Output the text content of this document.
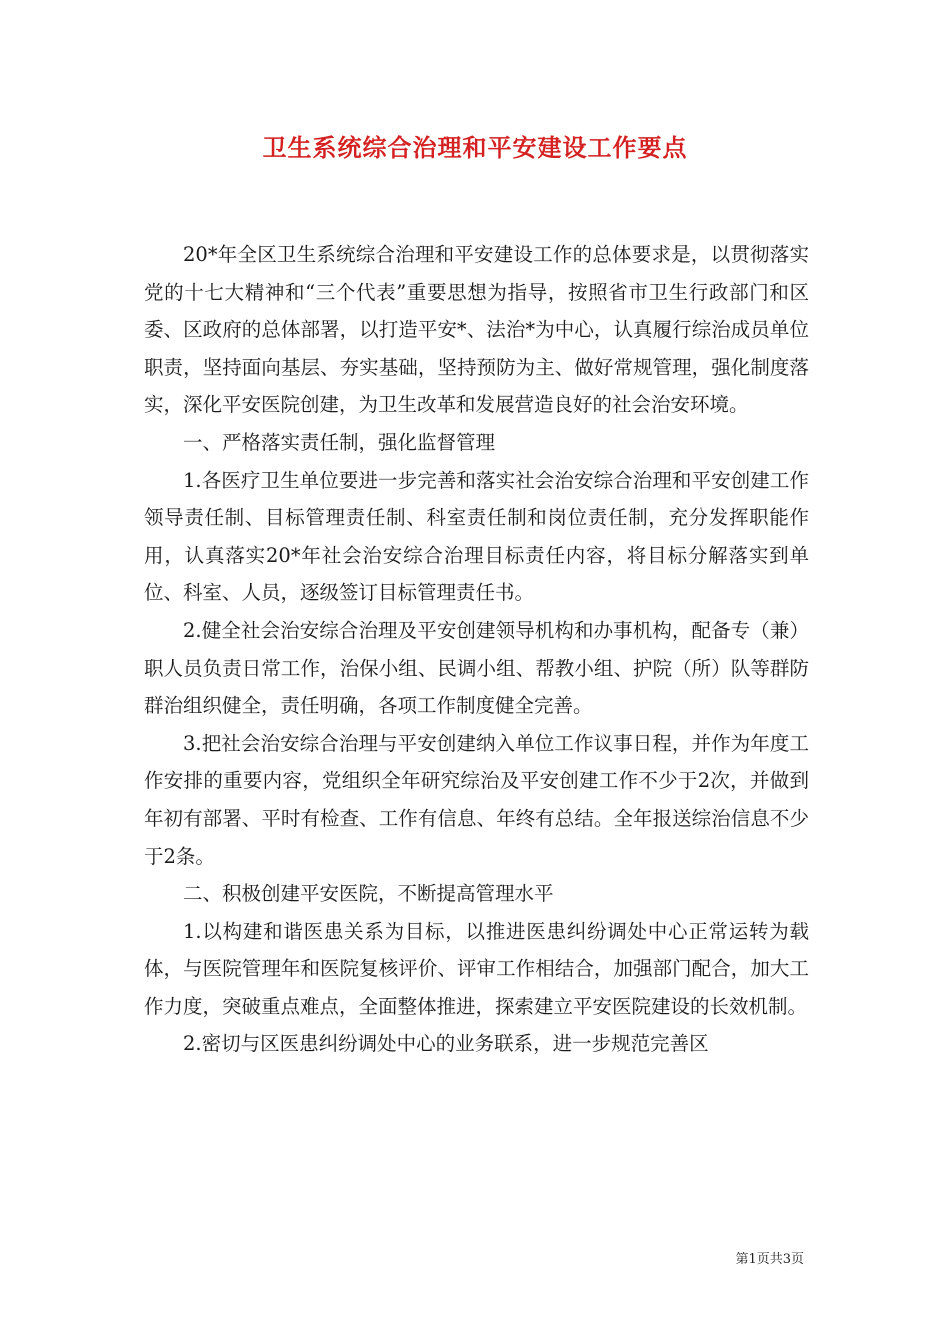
卫生系统综合治理和平安建设工作要点

20*年全区卫生系统综合治理和平安建设工作的总体要求是，以贯彻落实党的十七大精神和“三个代表”重要思想为指导，按照省市卫生行政部门和区委、区政府的总体部署，以打造平安*、法治*为中心，认真履行综治成员单位职责，坚持面向基层、夯实基础，坚持预防为主、做好常规管理，强化制度落实，深化平安医院创建，为卫生改革和发展营造良好的社会治安环境。

一、严格落实责任制，强化监督管理

1.各医疗卫生单位要进一步完善和落实社会治安综合治理和平安创建工作领导责任制、目标管理责任制、科室责任制和岗位责任制，充分发挥职能作用，认真落实20*年社会治安综合治理目标责任内容，将目标分解落实到单位、科室、人员，逐级签订目标管理责任书。

2.健全社会治安综合治理及平安创建领导机构和办事机构，配备专（兼）职人员负责日常工作，治保小组、民调小组、帮教小组、护院（所）队等群防群治组织健全，责任明确，各项工作制度健全完善。

3.把社会治安综合治理与平安创建纳入单位工作议事日程，并作为年度工作安排的重要内容，党组织全年研究综治及平安创建工作不少于2次，并做到年初有部署、平时有检查、工作有信息、年终有总结。全年报送综治信息不少于2条。

二、积极创建平安医院，不断提高管理水平

1.以构建和谐医患关系为目标，以推进医患纠纷调处中心正常运转为载体，与医院管理年和医院复核评价、评审工作相结合，加强部门配合，加大工作力度，突破重点难点，全面整体推进，探索建立平安医院建设的长效机制。

2.密切与区医患纠纷调处中心的业务联系，进一步规范完善区

第1页共3页
